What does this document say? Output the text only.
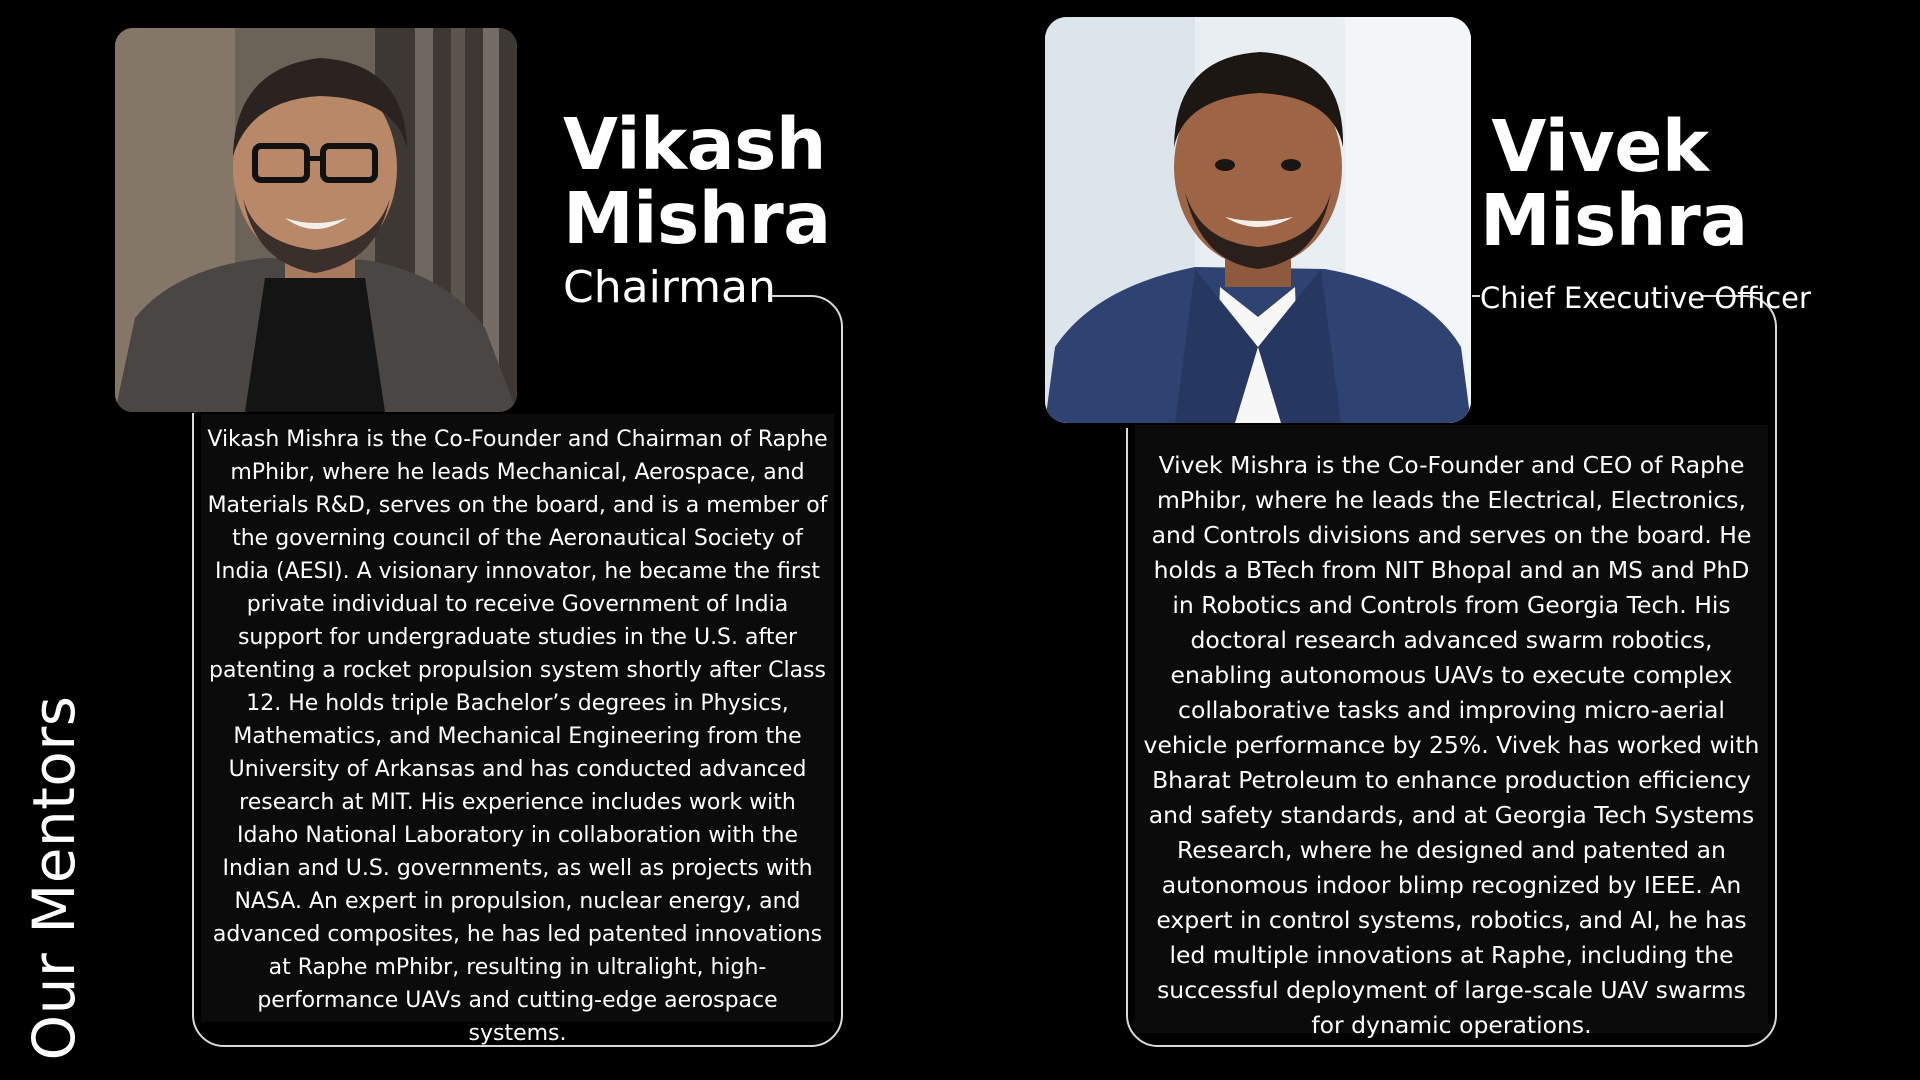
Our Mentors
Vikash
Mishra
Chairman

Vikash Mishra is the Co-Founder and Chairman of Raphe mPhibr, where he leads Mechanical, Aerospace, and Materials R&D, serves on the board, and is a member of the governing council of the Aeronautical Society of India (AESI). A visionary innovator, he became the first private individual to receive Government of India support for undergraduate studies in the U.S. after patenting a rocket propulsion system shortly after Class 12. He holds triple Bachelor’s degrees in Physics, Mathematics, and Mechanical Engineering from the University of Arkansas and has conducted advanced research at MIT. His experience includes work with Idaho National Laboratory in collaboration with the Indian and U.S. governments, as well as projects with NASA. An expert in propulsion, nuclear energy, and advanced composites, he has led patented innovations at Raphe mPhibr, resulting in ultralight, high-performance UAVs and cutting-edge aerospace systems.

Vivek
Mishra
Chief Executive Officer

Vivek Mishra is the Co-Founder and CEO of Raphe mPhibr, where he leads the Electrical, Electronics, and Controls divisions and serves on the board. He holds a BTech from NIT Bhopal and an MS and PhD in Robotics and Controls from Georgia Tech. His doctoral research advanced swarm robotics, enabling autonomous UAVs to execute complex collaborative tasks and improving micro-aerial vehicle performance by 25%. Vivek has worked with Bharat Petroleum to enhance production efficiency and safety standards, and at Georgia Tech Systems Research, where he designed and patented an autonomous indoor blimp recognized by IEEE. An expert in control systems, robotics, and AI, he has led multiple innovations at Raphe, including the successful deployment of large-scale UAV swarms for dynamic operations.
